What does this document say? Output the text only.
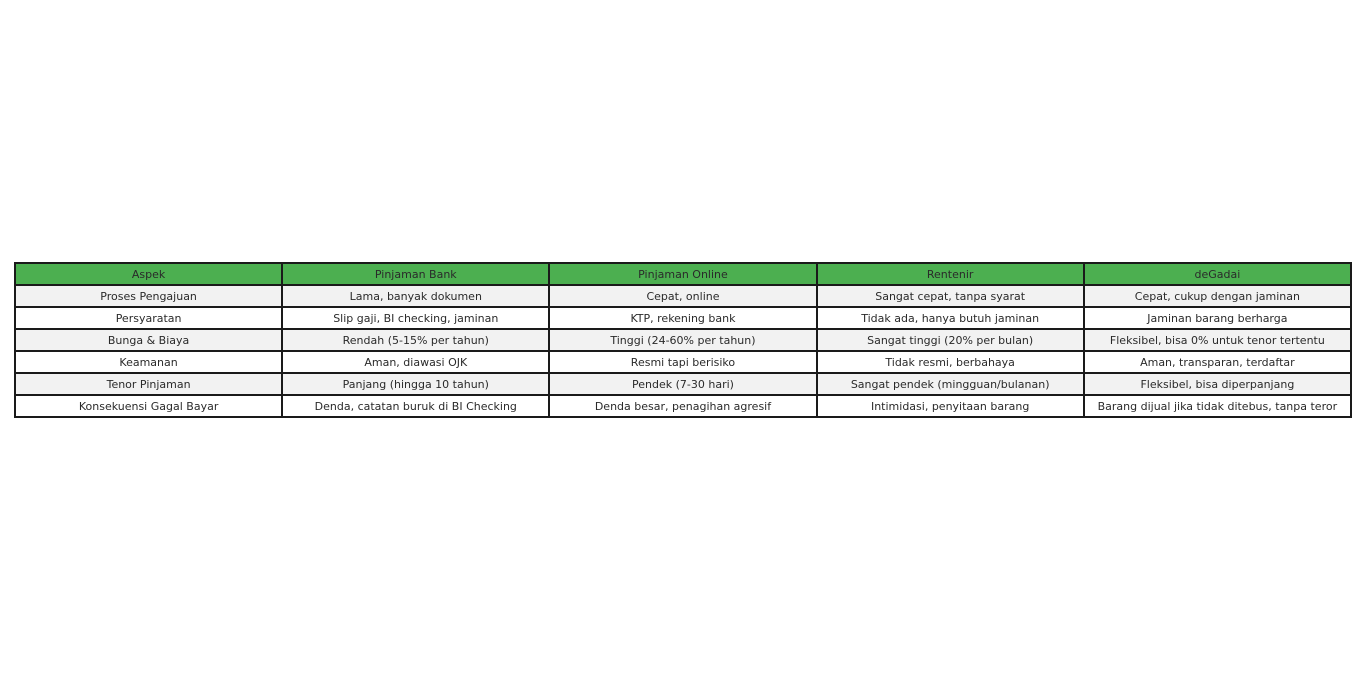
Aspek	Pinjaman Bank	Pinjaman Online	Rentenir	deGadai
Proses Pengajuan	Lama, banyak dokumen	Cepat, online	Sangat cepat, tanpa syarat	Cepat, cukup dengan jaminan
Persyaratan	Slip gaji, BI checking, jaminan	KTP, rekening bank	Tidak ada, hanya butuh jaminan	Jaminan barang berharga
Bunga & Biaya	Rendah (5-15% per tahun)	Tinggi (24-60% per tahun)	Sangat tinggi (20% per bulan)	Fleksibel, bisa 0% untuk tenor tertentu
Keamanan	Aman, diawasi OJK	Resmi tapi berisiko	Tidak resmi, berbahaya	Aman, transparan, terdaftar
Tenor Pinjaman	Panjang (hingga 10 tahun)	Pendek (7-30 hari)	Sangat pendek (mingguan/bulanan)	Fleksibel, bisa diperpanjang
Konsekuensi Gagal Bayar	Denda, catatan buruk di BI Checking	Denda besar, penagihan agresif	Intimidasi, penyitaan barang	Barang dijual jika tidak ditebus, tanpa teror
